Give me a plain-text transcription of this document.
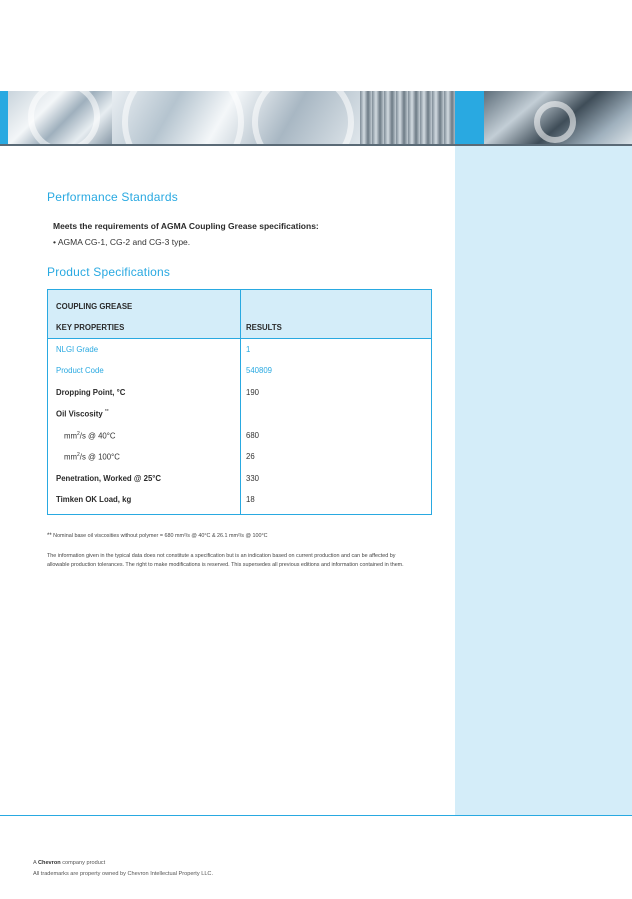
Performance Standards
Meets the requirements of AGMA Coupling Grease specifications:
• AGMA CG-1, CG-2 and CG-3 type.
Product Specifications
COUPLING GREASE
KEY PROPERTIES	RESULTS
NLGI Grade	1
Product Code	540809
Dropping Point, °C	190
Oil Viscosity **
$mm^2/s$ @ 40°C	680
$mm^2/s$ @ 100°C	26
Penetration, Worked @ 25°C	330
Timken OK Load, kg	18
** Nominal base oil viscosities without polymer = 680 mm²/s @ 40°C & 26.1 mm²/s @ 100°C
The information given in the typical data does not constitute a specification but is an indication based on current production and can be affected by allowable production tolerances. The right to make modifications is reserved. This supersedes all previous editions and information contained in them.
A Chevron company product
All trademarks are property owned by Chevron Intellectual Property LLC.
